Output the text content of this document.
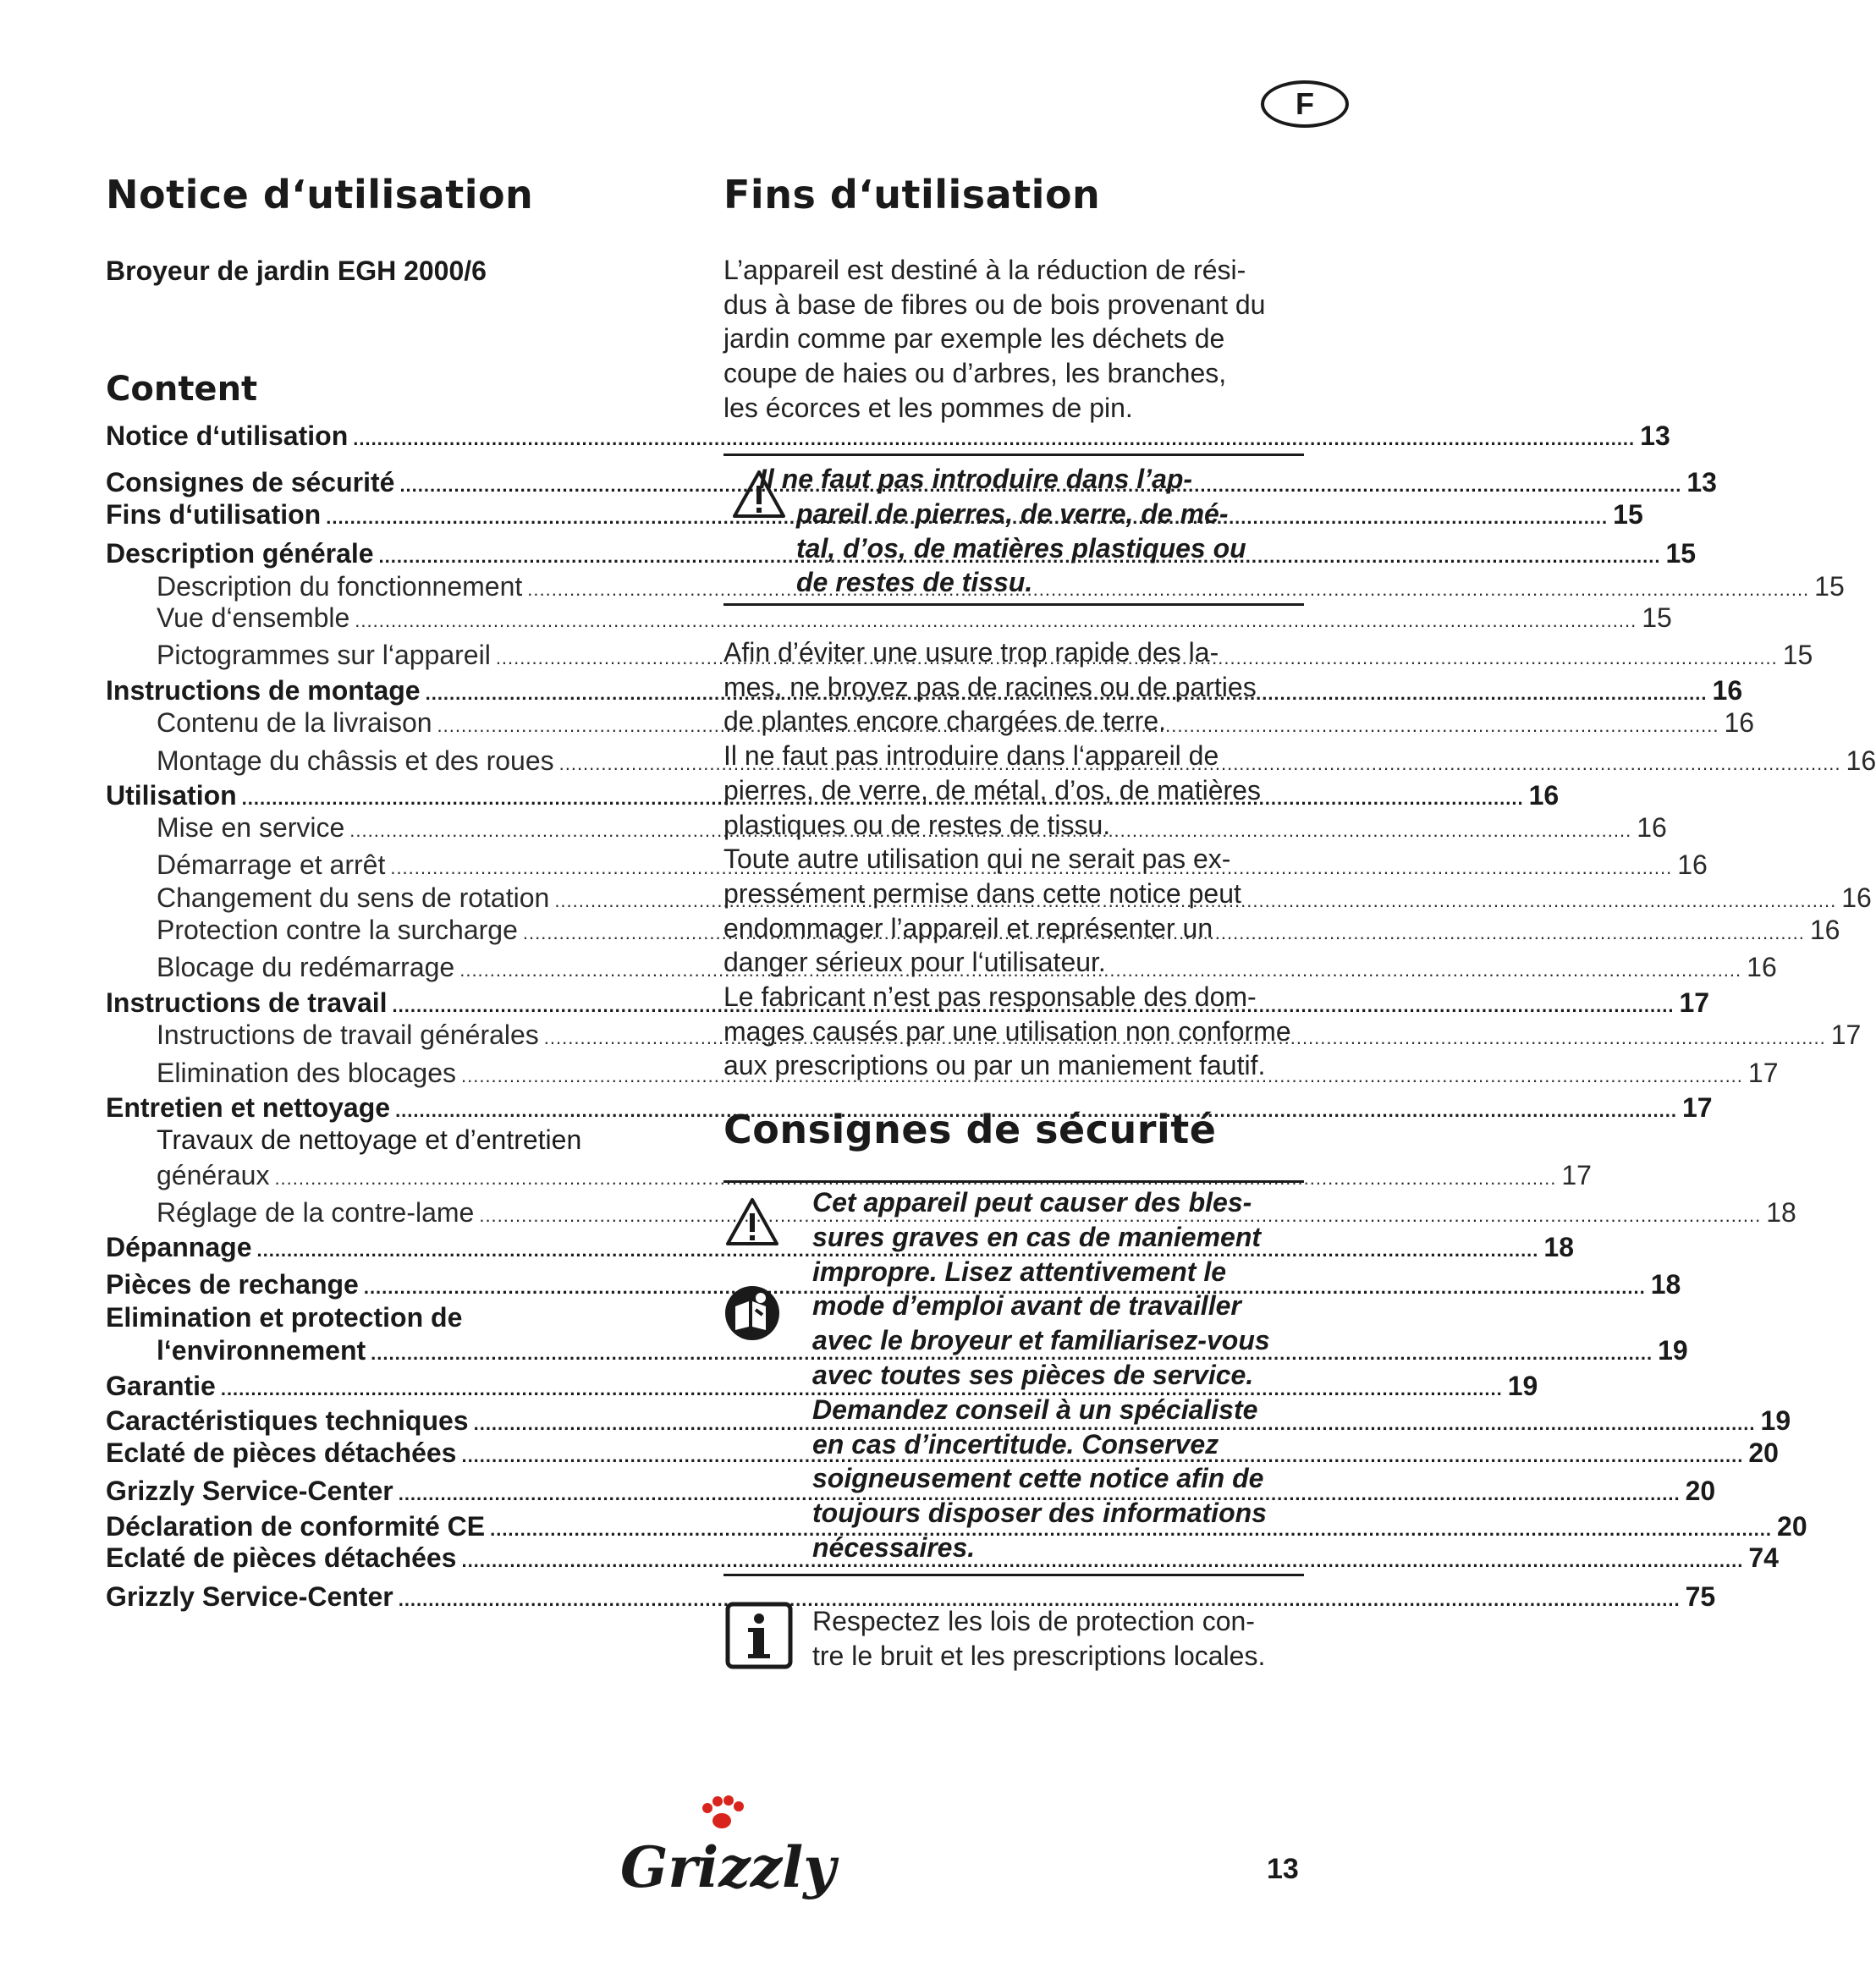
F
Notice d‘utilisation
Broyeur de jardin EGH 2000/6
Content
Notice d‘utilisation .....	13
Consignes de sécurité .....	13
Fins d‘utilisation .....	15
Description générale .....	15
Description du fonctionnement .....	15
Vue d‘ensemble .....	15
Pictogrammes sur l‘appareil .....	15
Instructions de montage .....	16
Contenu de la livraison .....	16
Montage du châssis et des roues .....	16
Utilisation .....	16
Mise en service .....	16
Démarrage et arrêt .....	16
Changement du sens de rotation .....	16
Protection contre la surcharge .....	16
Blocage du redémarrage .....	16
Instructions de travail .....	17
Instructions de travail générales .....	17
Elimination des blocages .....	17
Entretien et nettoyage .....	17
Travaux de nettoyage et d’entretien
généraux .....	17
Réglage de la contre-lame .....	18
Dépannage .....	18
Pièces de rechange .....	18
Elimination et protection de
l‘environnement .....	19
Garantie .....	19
Caractéristiques techniques .....	19
Eclaté de pièces détachées .....	20
Grizzly Service-Center .....	20
Déclaration de conformité CE .....	20
Eclaté de pièces détachées .....	74
Grizzly Service-Center .....	75
Fins d‘utilisation
L’appareil est destiné à la réduction de rési-
dus à base de fibres ou de bois provenant du
jardin comme par exemple les déchets de
coupe de haies ou d’arbres, les branches,
les écorces et les pommes de pin.
Il ne faut pas introduire dans l’ap-
pareil de pierres, de verre, de mé-
tal, d’os, de matières plastiques ou
de restes de tissu.
Afin d’éviter une usure trop rapide des la-
mes, ne broyez pas de racines ou de parties
de plantes encore chargées de terre.
Il ne faut pas introduire dans l‘appareil de
pierres, de verre, de métal, d’os, de matières
plastiques ou de restes de tissu.
Toute autre utilisation qui ne serait pas ex-
pressément permise dans cette notice peut
endommager l’appareil et représenter un
danger sérieux pour l‘utilisateur.
Le fabricant n’est pas responsable des dom-
mages causés par une utilisation non conforme
aux prescriptions ou par un maniement fautif.
Consignes de sécurité
Cet appareil peut causer des bles-
sures graves en cas de maniement
impropre. Lisez attentivement le
mode d’emploi avant de travailler
avec le broyeur et familiarisez-vous
avec toutes ses pièces de service.
Demandez conseil à un spécialiste
en cas d’incertitude. Conservez
soigneusement cette notice afin de
toujours disposer des informations
nécessaires.
Respectez les lois de protection con-
tre le bruit et les prescriptions locales.
Grizzly	13
